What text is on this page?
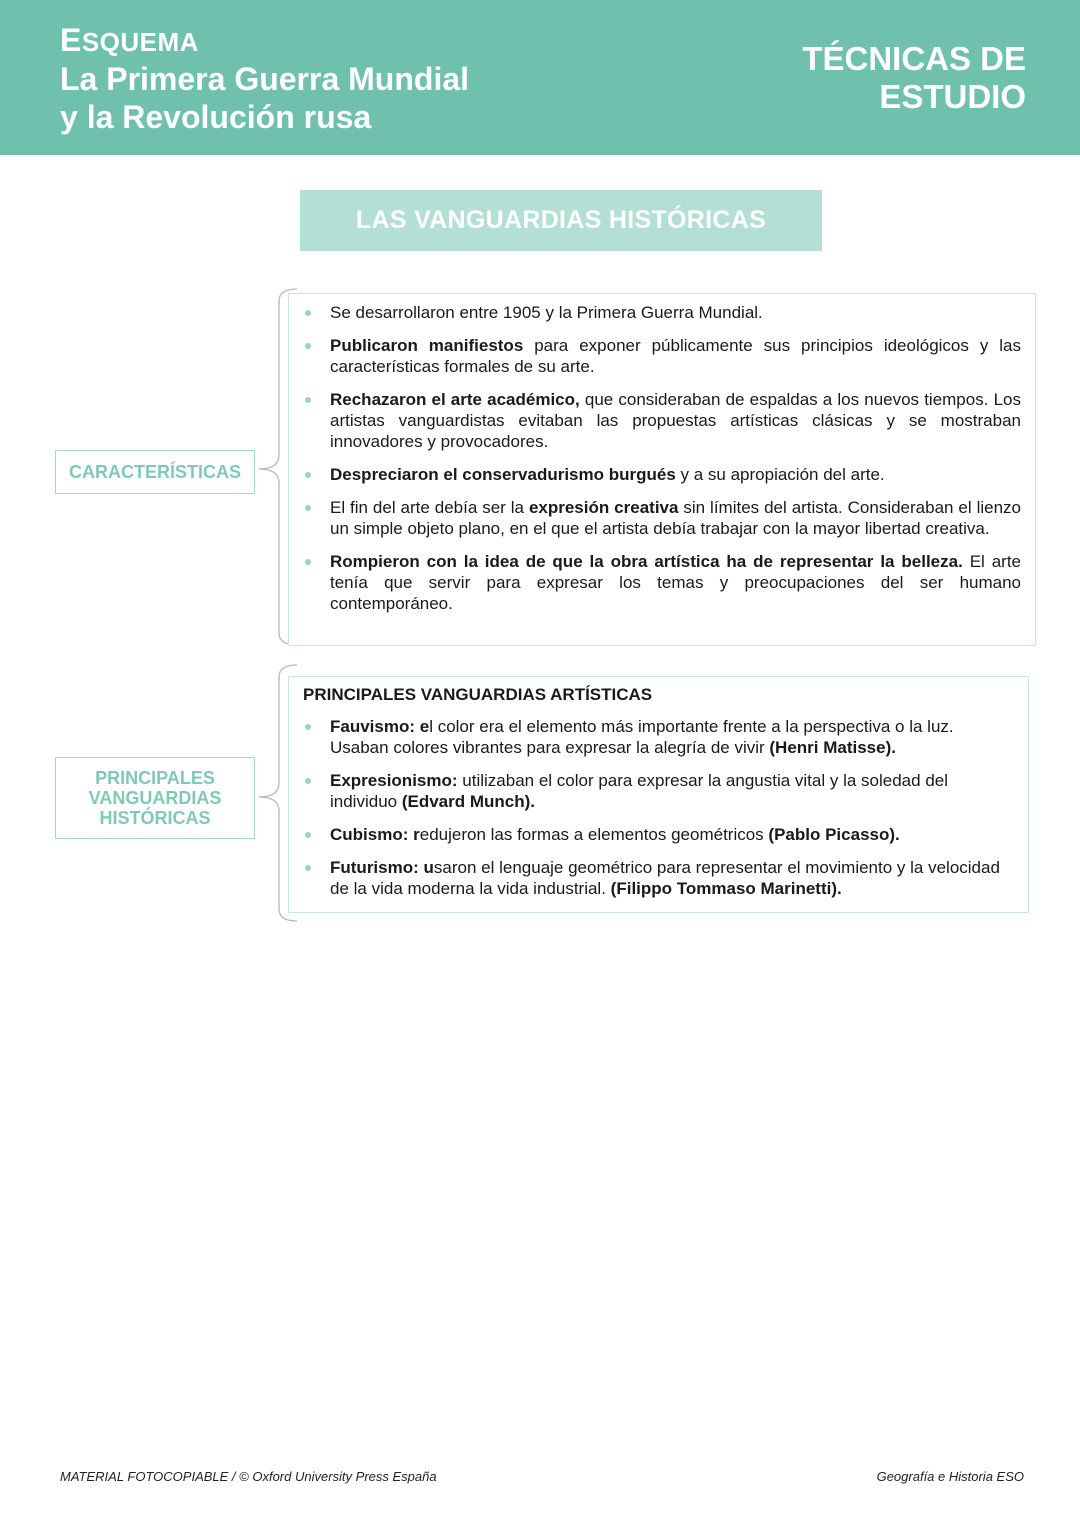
ESQUEMA
La Primera Guerra Mundial
y la Revolución rusa
TÉCNICAS DE
ESTUDIO
LAS VANGUARDIAS HISTÓRICAS
CARACTERÍSTICAS
PRINCIPALES VANGUARDIAS HISTÓRICAS
Se desarrollaron entre 1905 y la Primera Guerra Mundial.
Publicaron manifiestos para exponer públicamente sus principios ideológicos y las características formales de su arte.
Rechazaron el arte académico, que consideraban de espaldas a los nuevos tiempos. Los artistas vanguardistas evitaban las propuestas artísticas clásicas y se mostraban innovadores y provocadores.
Despreciaron el conservadurismo burgués y a su apropiación del arte.
El fin del arte debía ser la expresión creativa sin límites del artista. Consideraban el lienzo un simple objeto plano, en el que el artista debía trabajar con la mayor libertad creativa.
Rompieron con la idea de que la obra artística ha de representar la belleza. El arte tenía que servir para expresar los temas y preocupaciones del ser humano contemporáneo.
PRINCIPALES VANGUARDIAS ARTÍSTICAS
Fauvismo: el color era el elemento más importante frente a la perspectiva o la luz. Usaban colores vibrantes para expresar la alegría de vivir (Henri Matisse).
Expresionismo: utilizaban el color para expresar la angustia vital y la soledad del individuo (Edvard Munch).
Cubismo: redujeron las formas a elementos geométricos (Pablo Picasso).
Futurismo: usaron el lenguaje geométrico para representar el movimiento y la velocidad de la vida moderna la vida industrial. (Filippo Tommaso Marinetti).
MATERIAL FOTOCOPIABLE / © Oxford University Press España	Geografía e Historia ESO
